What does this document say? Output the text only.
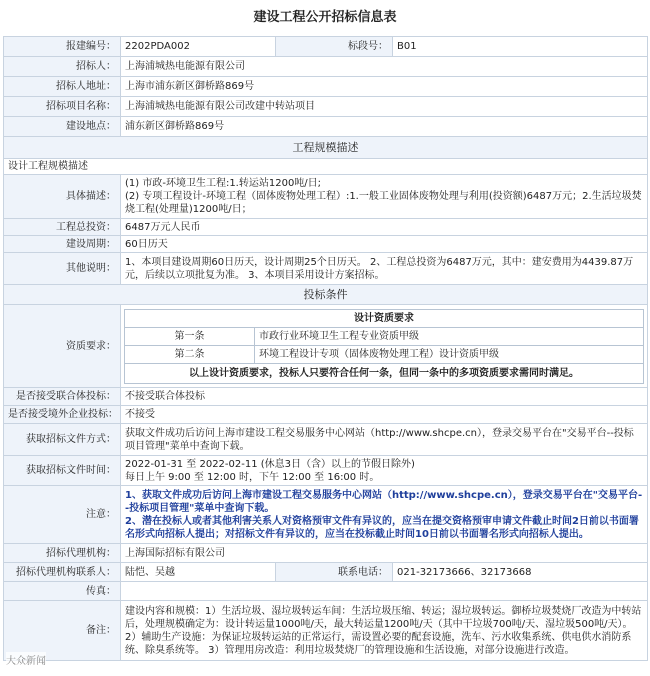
建设工程公开招标信息表
报建编号：	2202PDA002	标段号：	B01
招标人：	上海浦城热电能源有限公司
招标人地址：	上海市浦东新区御桥路869号
招标项目名称：	上海浦城热电能源有限公司改建中转站项目
建设地点：	浦东新区御桥路869号
工程规模描述
设计工程规模描述
具体描述：	
(1) 市政-环境卫生工程:1.转运站1200吨/日;
(2) 专项工程设计-环境工程（固体废物处理工程）:1.一般工业固体废物处理与利用(投资额)6487万元；2.生活垃圾焚烧工程(处理量)1200吨/日；

工程总投资：	6487万元人民币
建设周期：	60日历天
其他说明：	1、本项目建设周期60日历天，设计周期25个日历天。 2、工程总投资为6487万元，其中：建安费用为4439.87万元，后续以立项批复为准。 3、本项目采用设计方案招标。
投标条件
资质要求：	
设计资质要求
第一条	市政行业环境卫生工程专业资质甲级
第二条	环境工程设计专项（固体废物处理工程）设计资质甲级
以上设计资质要求，投标人只要符合任何一条，但同一条中的多项资质要求需同时满足。

是否接受联合体投标：	不接受联合体投标
是否接受境外企业投标：	不接受
获取招标文件方式：	获取文件成功后访问上海市建设工程交易服务中心网站（http://www.shcpe.cn），登录交易平台在"交易平台--投标项目管理"菜单中查询下载。
获取招标文件时间：	
2022-01-31 至 2022-02-11 (休息3日（含）以上的节假日除外)
每日上午 9:00 至 12:00 时，下午 12:00 至 16:00 时。

注意：	
1、获取文件成功后访问上海市建设工程交易服务中心网站（http://www.shcpe.cn），登录交易平台在"交易平台--投标项目管理"菜单中查询下载。
2、潜在投标人或者其他利害关系人对资格预审文件有异议的，应当在提交资格预审申请文件截止时间2日前以书面署名形式向招标人提出；对招标文件有异议的，应当在投标截止时间10日前以书面署名形式向招标人提出。

招标代理机构：	上海国际招标有限公司
招标代理机构联系人：	陆恺、吴越	联系电话：	021-32173666、32173668
传真：	
备注：	建设内容和规模：1）生活垃圾、湿垃圾转运车间：生活垃圾压缩、转运；湿垃圾转运。御桥垃圾焚烧厂改造为中转站后，处理规模确定为：设计转运量1000吨/天，最大转运量1200吨/天（其中干垃圾700吨/天、湿垃圾500吨/天）。 2）辅助生产设施：为保证垃圾转运站的正常运行，需设置必要的配套设施，洗车、污水收集系统、供电供水消防系统、除臭系统等。 3）管理用房改造：利用垃圾焚烧厂的管理设施和生活设施，对部分设施进行改造。
大众新闻
